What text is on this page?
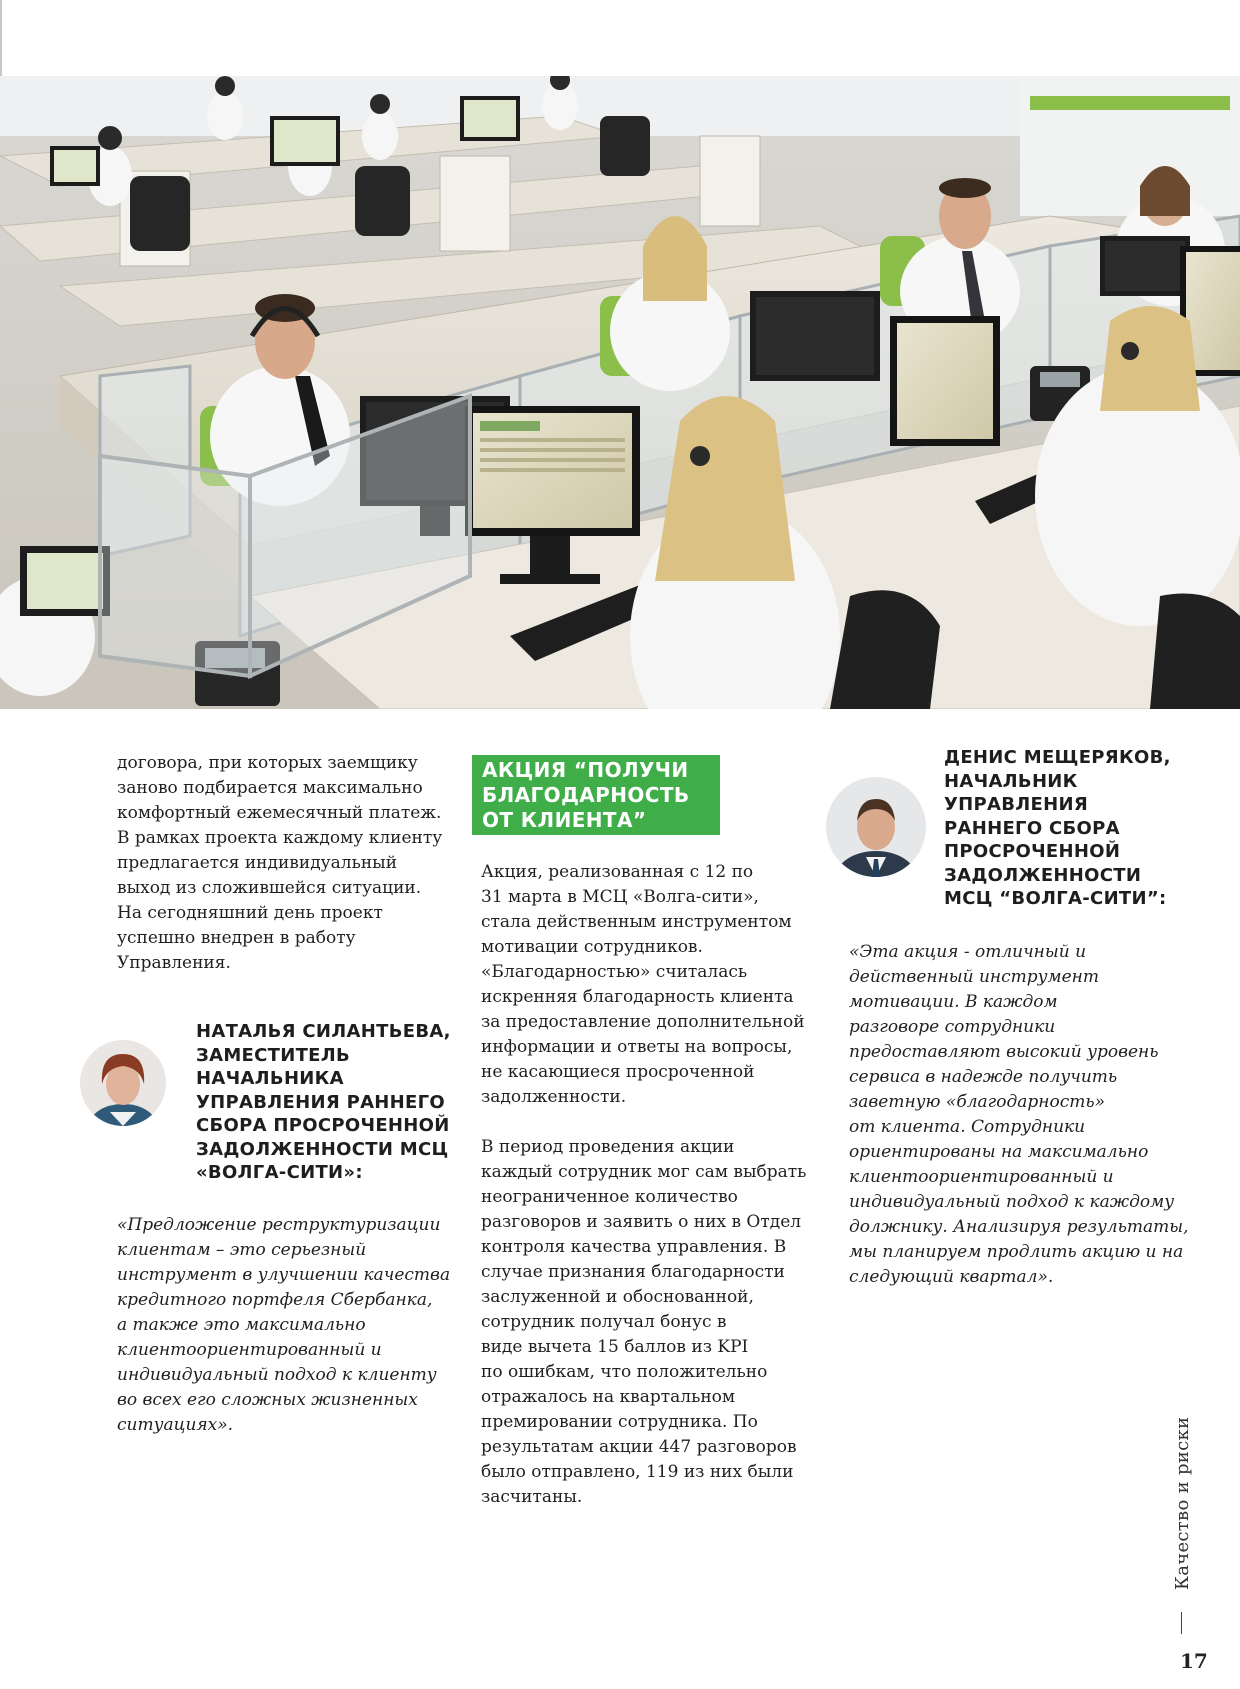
договора, при которых заемщику
заново подбирается максимально
комфортный ежемесячный платеж.
В рамках проекта каждому клиенту
предлагается индивидуальный
выход из сложившейся ситуации.
На сегодняшний день проект
успешно внедрен в работу
Управления.

НАТАЛЬЯ СИЛАНТЬЕВА,
ЗАМЕСТИТЕЛЬ
НАЧАЛЬНИКА
УПРАВЛЕНИЯ РАННЕГО
СБОРА ПРОСРОЧЕННОЙ
ЗАДОЛЖЕННОСТИ МСЦ
«ВОЛГА-СИТИ»:

«Предложение реструктуризации
клиентам – это серьезный
инструмент в улучшении качества
кредитного портфеля Сбербанка,
а также это максимально
клиентоориентированный и
индивидуальный подход к клиенту
во всех его сложных жизненных
ситуациях».

АКЦИЯ “ПОЛУЧИ
БЛАГОДАРНОСТЬ
ОТ КЛИЕНТА”

Акция, реализованная с 12 по
31 марта в МСЦ «Волга-сити»,
стала действенным инструментом
мотивации сотрудников.
«Благодарностью» считалась
искренняя благодарность клиента
за предоставление дополнительной
информации и ответы на вопросы,
не касающиеся просроченной
задолженности.

В период проведения акции
каждый сотрудник мог сам выбрать
неограниченное количество
разговоров и заявить о них в Отдел
контроля качества управления. В
случае признания благодарности
заслуженной и обоснованной,
сотрудник получал бонус в
виде вычета 15 баллов из KPI
по ошибкам, что положительно
отражалось на квартальном
премировании сотрудника. По
результатам акции 447 разговоров
было отправлено, 119 из них были
засчитаны.

ДЕНИС МЕЩЕРЯКОВ,
НАЧАЛЬНИК
УПРАВЛЕНИЯ
РАННЕГО СБОРА
ПРОСРОЧЕННОЙ
ЗАДОЛЖЕННОСТИ
МСЦ “ВОЛГА-СИТИ”:

«Эта акция - отличный и
действенный инструмент
мотивации. В каждом
разговоре сотрудники
предоставляют высокий уровень
сервиса в надежде получить
заветную «благодарность»
от клиента. Сотрудники
ориентированы на максимально
клиентоориентированный и
индивидуальный подход к каждому
должнику. Анализируя результаты,
мы планируем продлить акцию и на
следующий квартал».

Качество и риски
17
